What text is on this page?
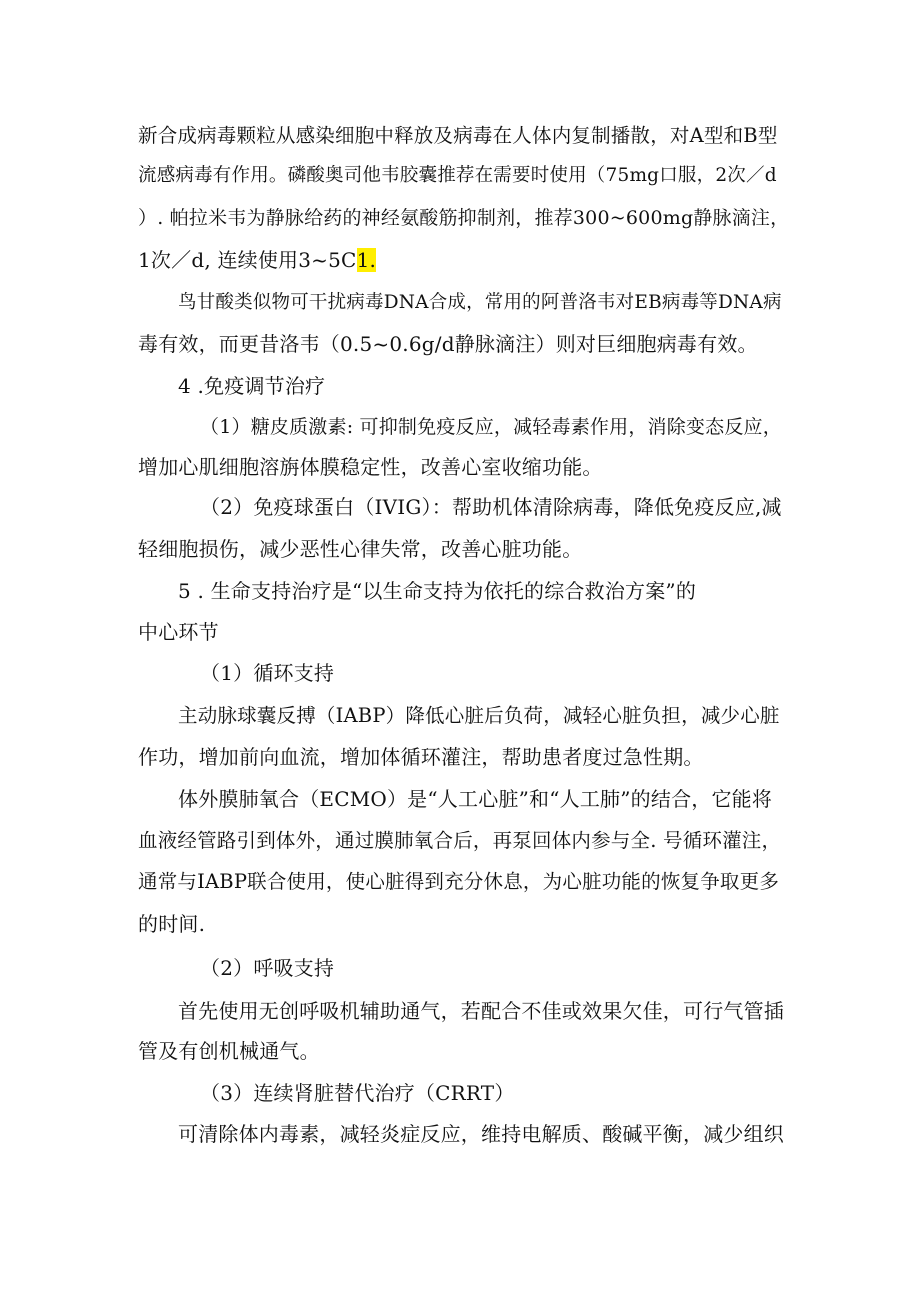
新合成病毒颗粒从感染细胞中释放及病毒在人体内复制播散，对A型和B型
流感病毒有作用。磷酸奥司他韦胶囊推荐在需要时使用（75mg口服，2次／d
）. 帕拉米韦为静脉给药的神经氨酸筋抑制剂，推荐300~600mg静脉滴注，
1次／d, 连续使用3~5C1.
鸟甘酸类似物可干扰病毒DNA合成，常用的阿普洛韦对EB病毒等DNA病
毒有效，而更昔洛韦（0.5~0.6g/d静脉滴注）则对巨细胞病毒有效。
4 .免疫调节治疗
（1）糖皮质激素: 可抑制免疫反应，减轻毒素作用，消除变态反应，
增加心肌细胞溶旃体膜稳定性，改善心室收缩功能。
（2）免疫球蛋白（IVIG）：帮助机体清除病毒，降低免疫反应,减
轻细胞损伤，减少恶性心律失常，改善心脏功能。
5 . 生命支持治疗是“以生命支持为依托的综合救治方案”的
中心环节
（1）循环支持
主动脉球囊反搏（IABP）降低心脏后负荷，减轻心脏负担，减少心脏
作功，增加前向血流，增加体循环灌注，帮助患者度过急性期。
体外膜肺氧合（ECMO）是“人工心脏”和“人工肺”的结合，它能将
血液经管路引到体外，通过膜肺氧合后，再泵回体内参与全. 号循环灌注，
通常与IABP联合使用，使心脏得到充分休息，为心脏功能的恢复争取更多
的时间.
（2）呼吸支持
首先使用无创呼吸机辅助通气，若配合不佳或效果欠佳，可行气管插
管及有创机械通气。
（3）连续肾脏替代治疗（CRRT）
可清除体内毒素，减轻炎症反应，维持电解质、酸碱平衡，减少组织
